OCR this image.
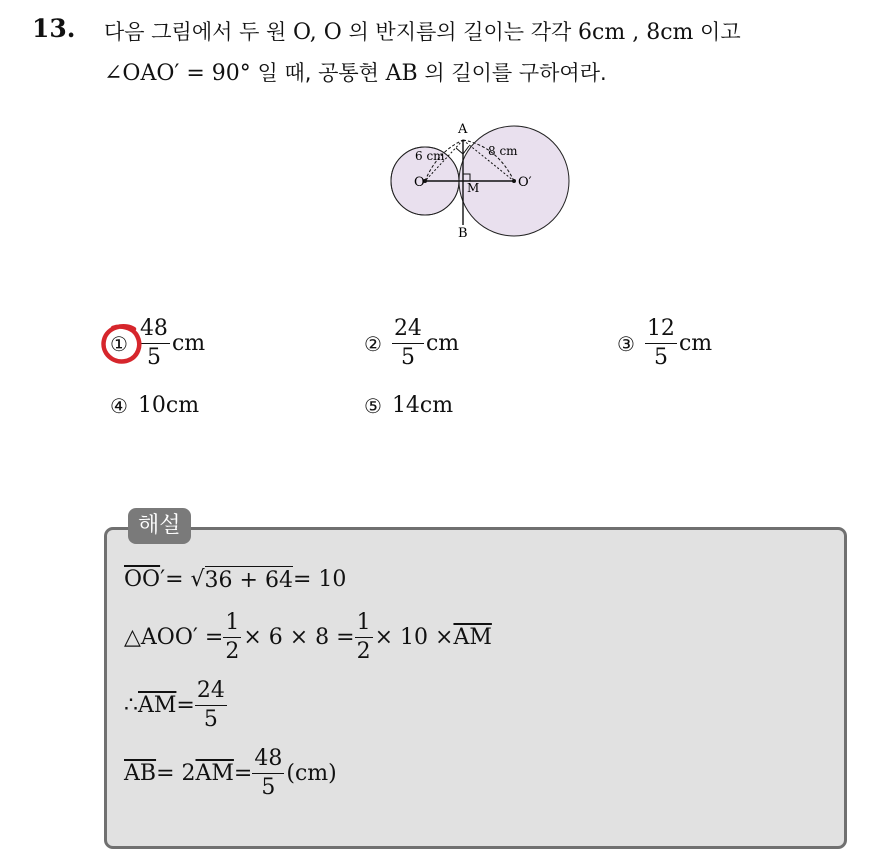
13. 다음 그림에서 두 원 O, O 의 반지름의 길이는 각각 6cm , 8cm 이고
∠OAO′ = 90° 일 때, 공통현 AB 의 길이를 구하여라.
A
B
O	O′
M
6 cm	8 cm
① $\frac{48}{5}$ cm	② $\frac{24}{5}$ cm	③ $\frac{12}{5}$ cm
④ 10cm	⑤ 14cm
해설
$\overline{OO}$ ′ = √ 36 + 64 = 10
△AOO′ = $\frac{1}{2} \times 6 \times 8 = \frac{1}{2} \times 10 \times \overline{AM}$
∴ $\overline{AM} = \frac{24}{5}$
$\overline{AB} = 2$ $\overline{AM} = \frac{48}{5} (cm)$
